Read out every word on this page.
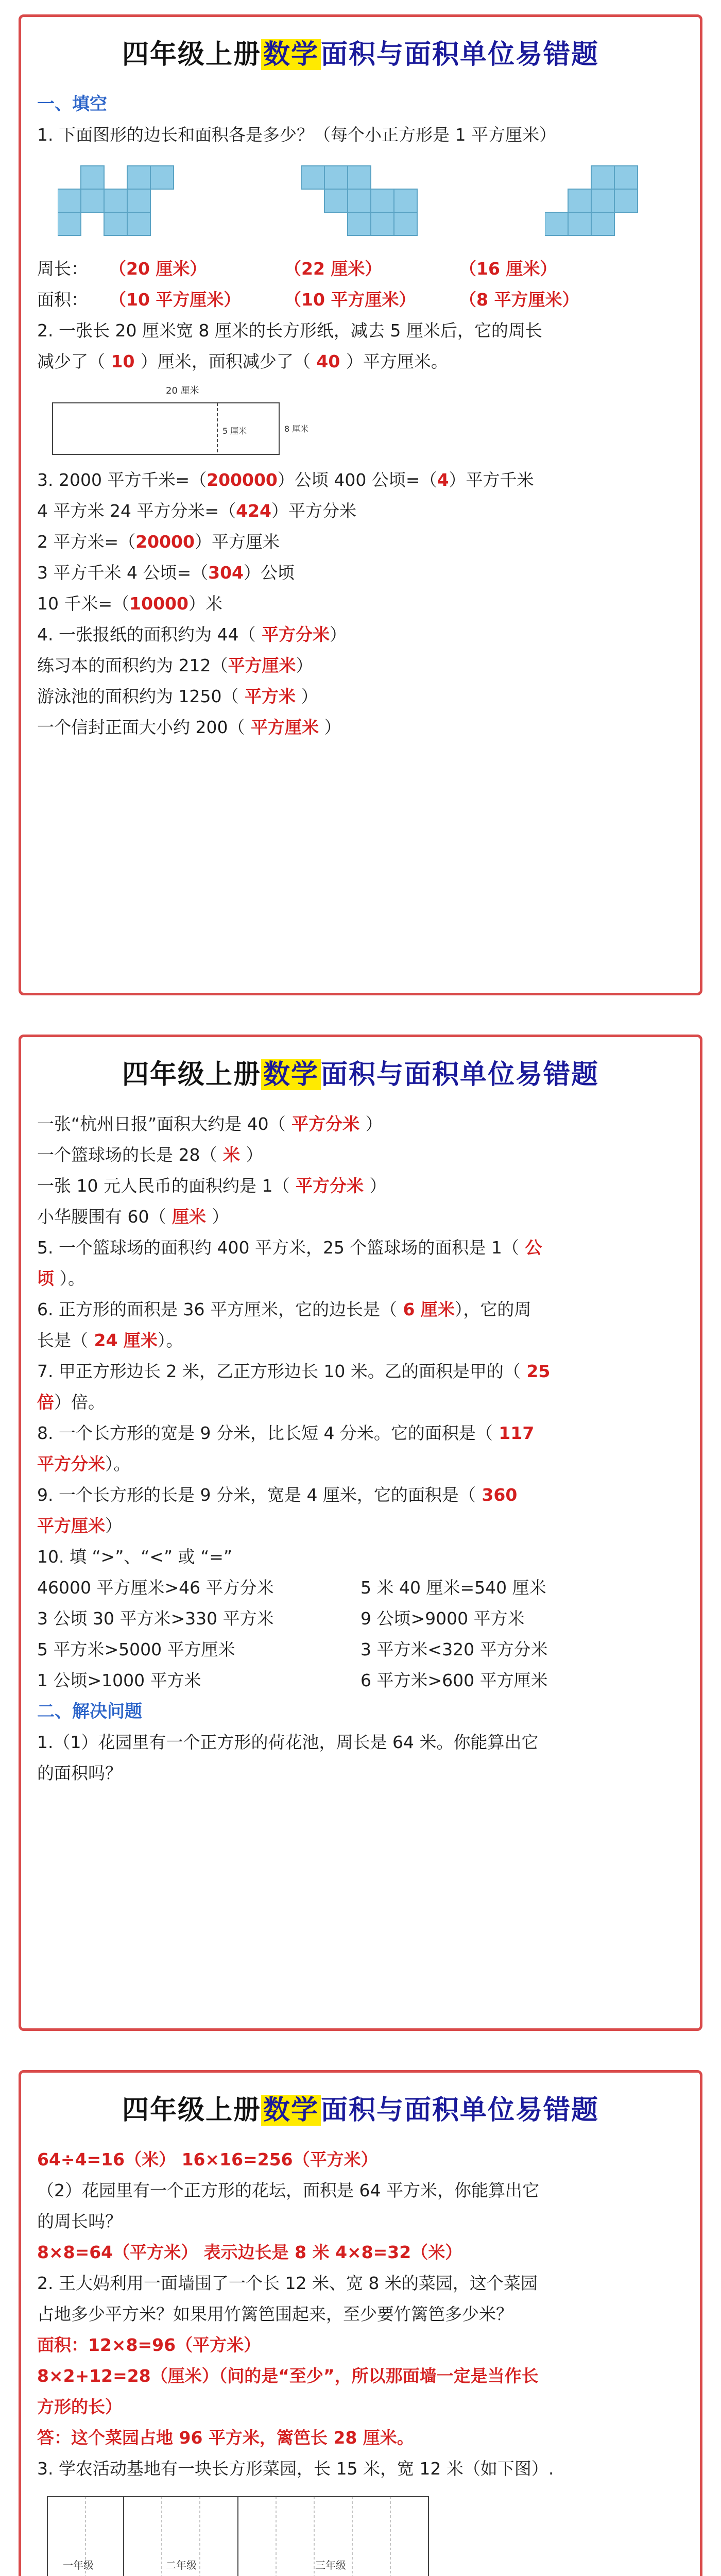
四年级上册数学面积与面积单位易错题
一、填空
1. 下面图形的边长和面积各是多少？（每个小正方形是 1 平方厘米）
周长：	（20 厘米）	（22 厘米）	（16 厘米）
面积：	（10 平方厘米）	（10 平方厘米）	（8 平方厘米）
2. 一张长 20 厘米宽 8 厘米的长方形纸，减去 5 厘米后，它的周长
减少了（ 10 ）厘米，面积减少了（ 40 ）平方厘米。
20 厘米
5 厘米	8 厘米
3. 2000 平方千米=（200000）公顷 400 公顷=（4）平方千米
4 平方米 24 平方分米=（424）平方分米
2 平方米=（20000）平方厘米
3 平方千米 4 公顷=（304）公顷
10 千米=（10000）米
4. 一张报纸的面积约为 44（ 平方分米）
练习本的面积约为 212（平方厘米）
游泳池的面积约为 1250（ 平方米 ）
一个信封正面大小约 200（ 平方厘米 ）
四年级上册数学面积与面积单位易错题
一张“杭州日报”面积大约是 40（ 平方分米 ）
一个篮球场的长是 28（ 米 ）
一张 10 元人民币的面积约是 1（ 平方分米 ）
小华腰围有 60（ 厘米 ）
5. 一个篮球场的面积约 400 平方米，25 个篮球场的面积是 1（ 公
顷 ）。
6. 正方形的面积是 36 平方厘米，它的边长是（ 6 厘米），它的周
长是（ 24 厘米）。
7. 甲正方形边长 2 米，乙正方形边长 10 米。乙的面积是甲的（ 25
倍）倍。
8. 一个长方形的宽是 9 分米，比长短 4 分米。它的面积是（ 117
平方分米）。
9. 一个长方形的长是 9 分米，宽是 4 厘米，它的面积是（ 360
平方厘米）
10. 填 “>”、“<” 或 “=”
46000 平方厘米>46 平方分米	5 米 40 厘米=540 厘米
3 公顷 30 平方米>330 平方米	9 公顷>9000 平方米
5 平方米>5000 平方厘米	3 平方米<320 平方分米
1 公顷>1000 平方米	6 平方米>600 平方厘米
二、解决问题
1.（1）花园里有一个正方形的荷花池，周长是 64 米。你能算出它
的面积吗？
四年级上册数学面积与面积单位易错题
64÷4=16（米） 16×16=256（平方米）
（2）花园里有一个正方形的花坛，面积是 64 平方米，你能算出它
的周长吗？
8×8=64（平方米） 表示边长是 8 米 4×8=32（米）
2. 王大妈利用一面墙围了一个长 12 米、宽 8 米的菜园，这个菜园
占地多少平方米？如果用竹篱笆围起来，至少要竹篱笆多少米？
面积：12×8=96（平方米）
8×2+12=28（厘米）（问的是“至少”，所以那面墙一定是当作长
方形的长）
答：这个菜园占地 96 平方米，篱笆长 28 厘米。
3. 学农活动基地有一块长方形菜园，长 15 米，宽 12 米（如下图）.
一年级	二年级	三年级
